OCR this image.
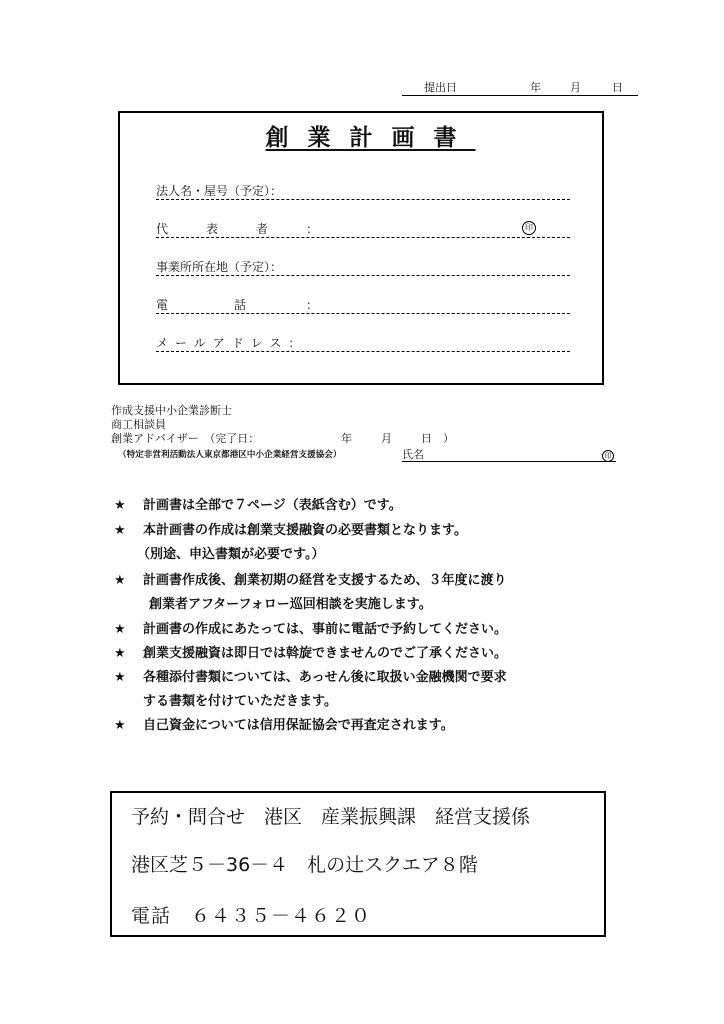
提出日	年	月	日
創業計画書
法人名・屋号（予定）：
代	表	者	：	印
事業所所在地（予定）：
電	話	：
メールアドレス：
作成支援中小企業診断士
商工相談員
創業アドバイザー　（完了日：	年	月	日 ）
（特定非営利活動法人東京都港区中小企業経営支援協会）	氏名	印
★ 計画書は全部で７ページ（表紙含む）です。
★ 本計画書の作成は創業支援融資の必要書類となります。
（別途、申込書類が必要です。）
★ 計画書作成後、創業初期の経営を支援するため、３年度に渡り
創業者アフターフォロー巡回相談を実施します。
★ 計画書の作成にあたっては、事前に電話で予約してください。
★ 創業支援融資は即日では斡旋できませんのでご了承ください。
★ 各種添付書類については、あっせん後に取扱い金融機関で要求
する書類を付けていただきます。
★ 自己資金については信用保証協会で再査定されます。
予約・問合せ　港区　産業振興課　経営支援係
港区芝５－36－４　札の辻スクエア８階
電話　６４３５－４６２０
